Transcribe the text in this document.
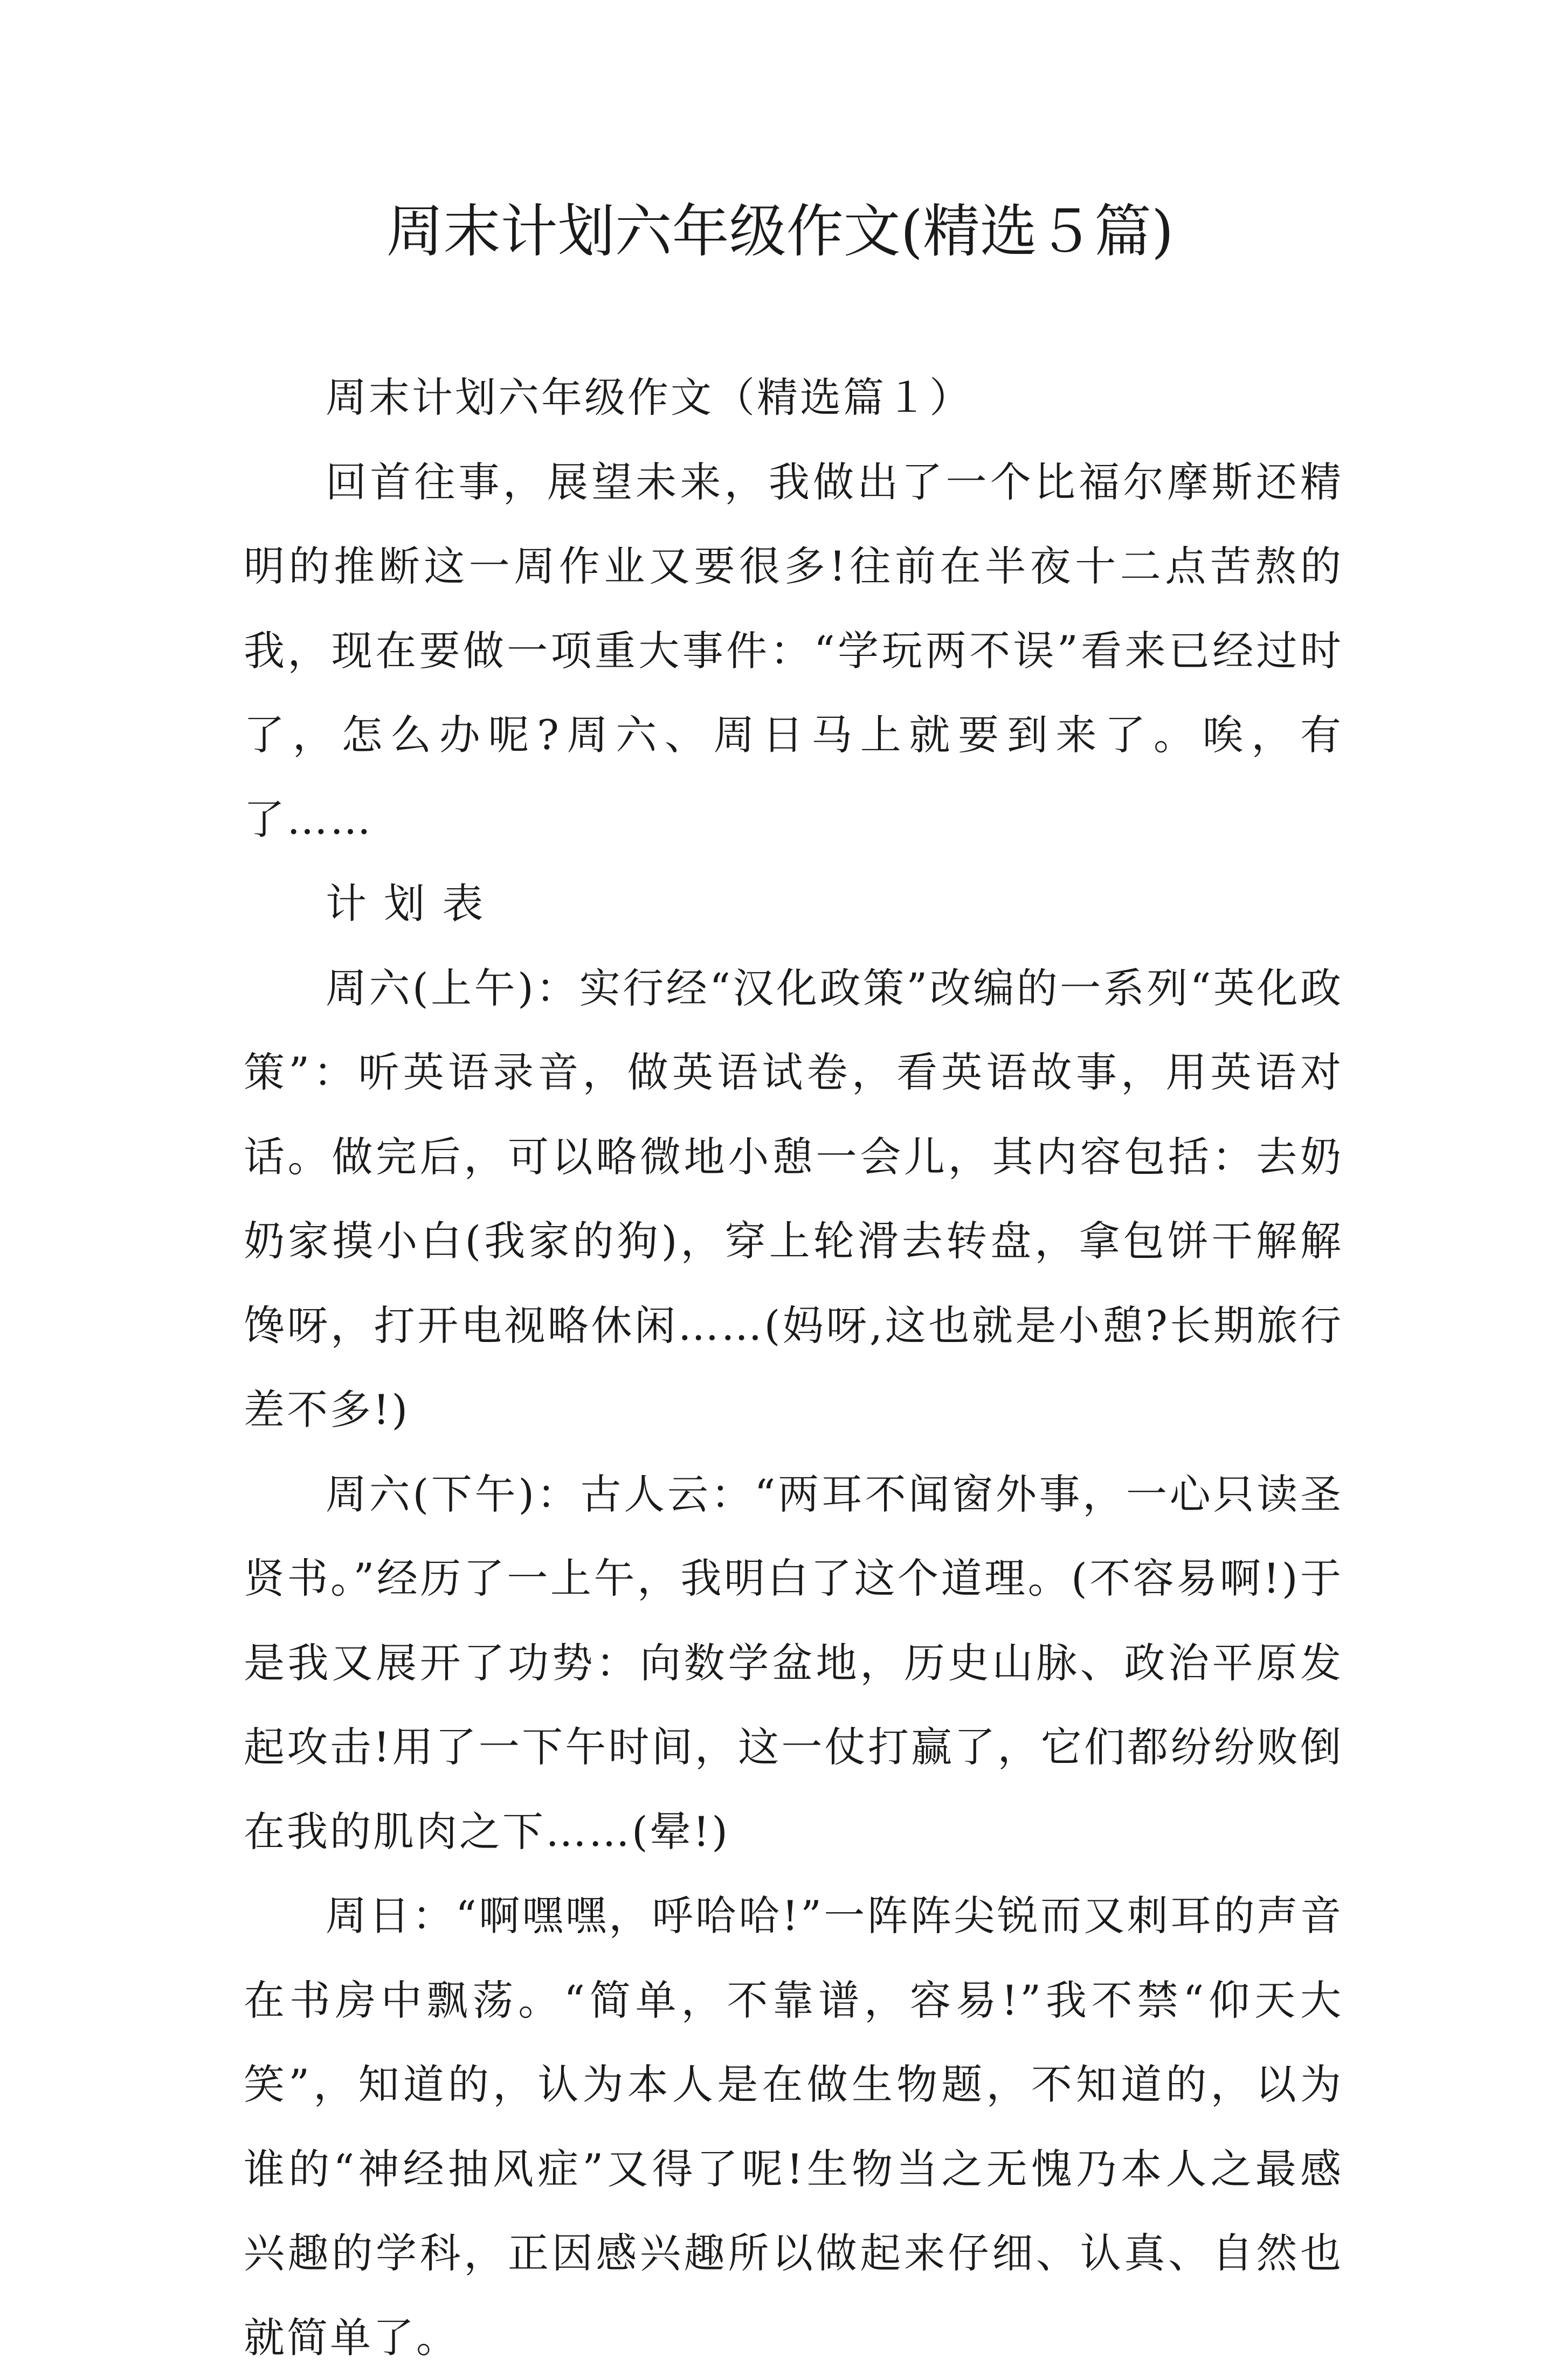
周末计划六年级作文(精选５篇)

周末计划六年级作文（精选篇１）

回首往事，展望未来，我做出了一个比福尔摩斯还精明的推断这一周作业又要很多!往前在半夜十二点苦熬的我，现在要做一项重大事件：“学玩两不误”看来已经过时了，怎么办呢?周六、周日马上就要到来了。唉，有了……

计 划 表

周六(上午)：实行经“汉化政策”改编的一系列“英化政策”：听英语录音，做英语试卷，看英语故事，用英语对话。做完后，可以略微地小憩一会儿，其内容包括：去奶奶家摸小白(我家的狗)，穿上轮滑去转盘，拿包饼干解解馋呀，打开电视略休闲……(妈呀,这也就是小憩?长期旅行差不多!)

周六(下午)：古人云：“两耳不闻窗外事，一心只读圣贤书。”经历了一上午，我明白了这个道理。(不容易啊!)于是我又展开了功势：向数学盆地，历史山脉、政治平原发起攻击!用了一下午时间，这一仗打赢了，它们都纷纷败倒在我的肌肉之下……(晕!)

周日：“啊嘿嘿，呼哈哈!”一阵阵尖锐而又刺耳的声音在书房中飘荡。“简单，不靠谱，容易!”我不禁“仰天大笑”，知道的，认为本人是在做生物题，不知道的，以为谁的“神经抽风症”又得了呢!生物当之无愧乃本人之最感兴趣的学科，正因感兴趣所以做起来仔细、认真、自然也就简单了。
